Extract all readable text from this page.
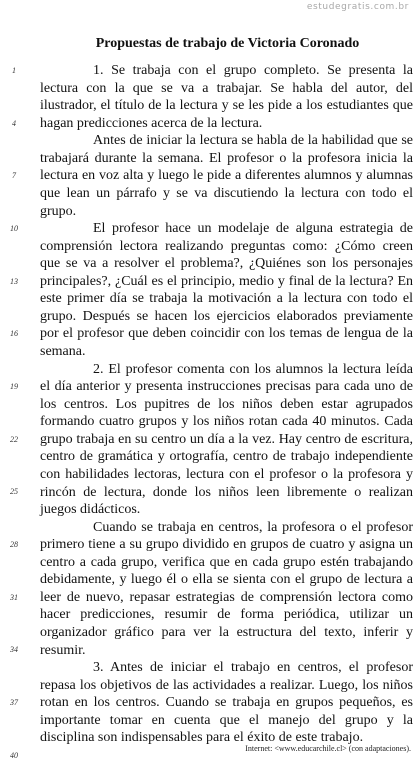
estudegratis.com.br
Propuestas de trabajo de Victoria Coronado
1
4
7
10
13
16
19
22
25
28
31
34
37
40

1. Se trabaja con el grupo completo. Se presenta la lectura con la que se va a trabajar. Se habla del autor, del ilustrador, el título de la lectura y se les pide a los estudiantes que hagan predicciones acerca de la lectura.

Antes de iniciar la lectura se habla de la habilidad que se trabajará durante la semana. El profesor o la profesora inicia la lectura en voz alta y luego le pide a diferentes alumnos y alumnas que lean un párrafo y se va discutiendo la lectura con todo el grupo.

El profesor hace un modelaje de alguna estrategia de comprensión lectora realizando preguntas como: ¿Cómo creen que se va a resolver el problema?, ¿Quiénes son los personajes principales?, ¿Cuál es el principio, medio y final de la lectura? En este primer día se trabaja la motivación a la lectura con todo el grupo. Después se hacen los ejercicios elaborados previamente por el profesor que deben coincidir con los temas de lengua de la semana.

2. El profesor comenta con los alumnos la lectura leída el día anterior y presenta instrucciones precisas para cada uno de los centros. Los pupitres de los niños deben estar agrupados formando cuatro grupos y los niños rotan cada 40 minutos. Cada grupo trabaja en su centro un día a la vez. Hay centro de escritura, centro de gramática y ortografía, centro de trabajo independiente con habilidades lectoras, lectura con el profesor o la profesora y rincón de lectura, donde los niños leen libremente o realizan juegos didácticos.

Cuando se trabaja en centros, la profesora o el profesor primero tiene a su grupo dividido en grupos de cuatro y asigna un centro a cada grupo, verifica que en cada grupo estén trabajando debidamente, y luego él o ella se sienta con el grupo de lectura a leer de nuevo, repasar estrategias de comprensión lectora como hacer predicciones, resumir de forma periódica, utilizar un organizador gráfico para ver la estructura del texto, inferir y resumir.

3. Antes de iniciar el trabajo en centros, el profesor repasa los objetivos de las actividades a realizar. Luego, los niños rotan en los centros. Cuando se trabaja en grupos pequeños, es importante tomar en cuenta que el manejo del grupo y la disciplina son indispensables para el éxito de este trabajo.

Internet: <www.educarchile.cl> (con adaptaciones).
